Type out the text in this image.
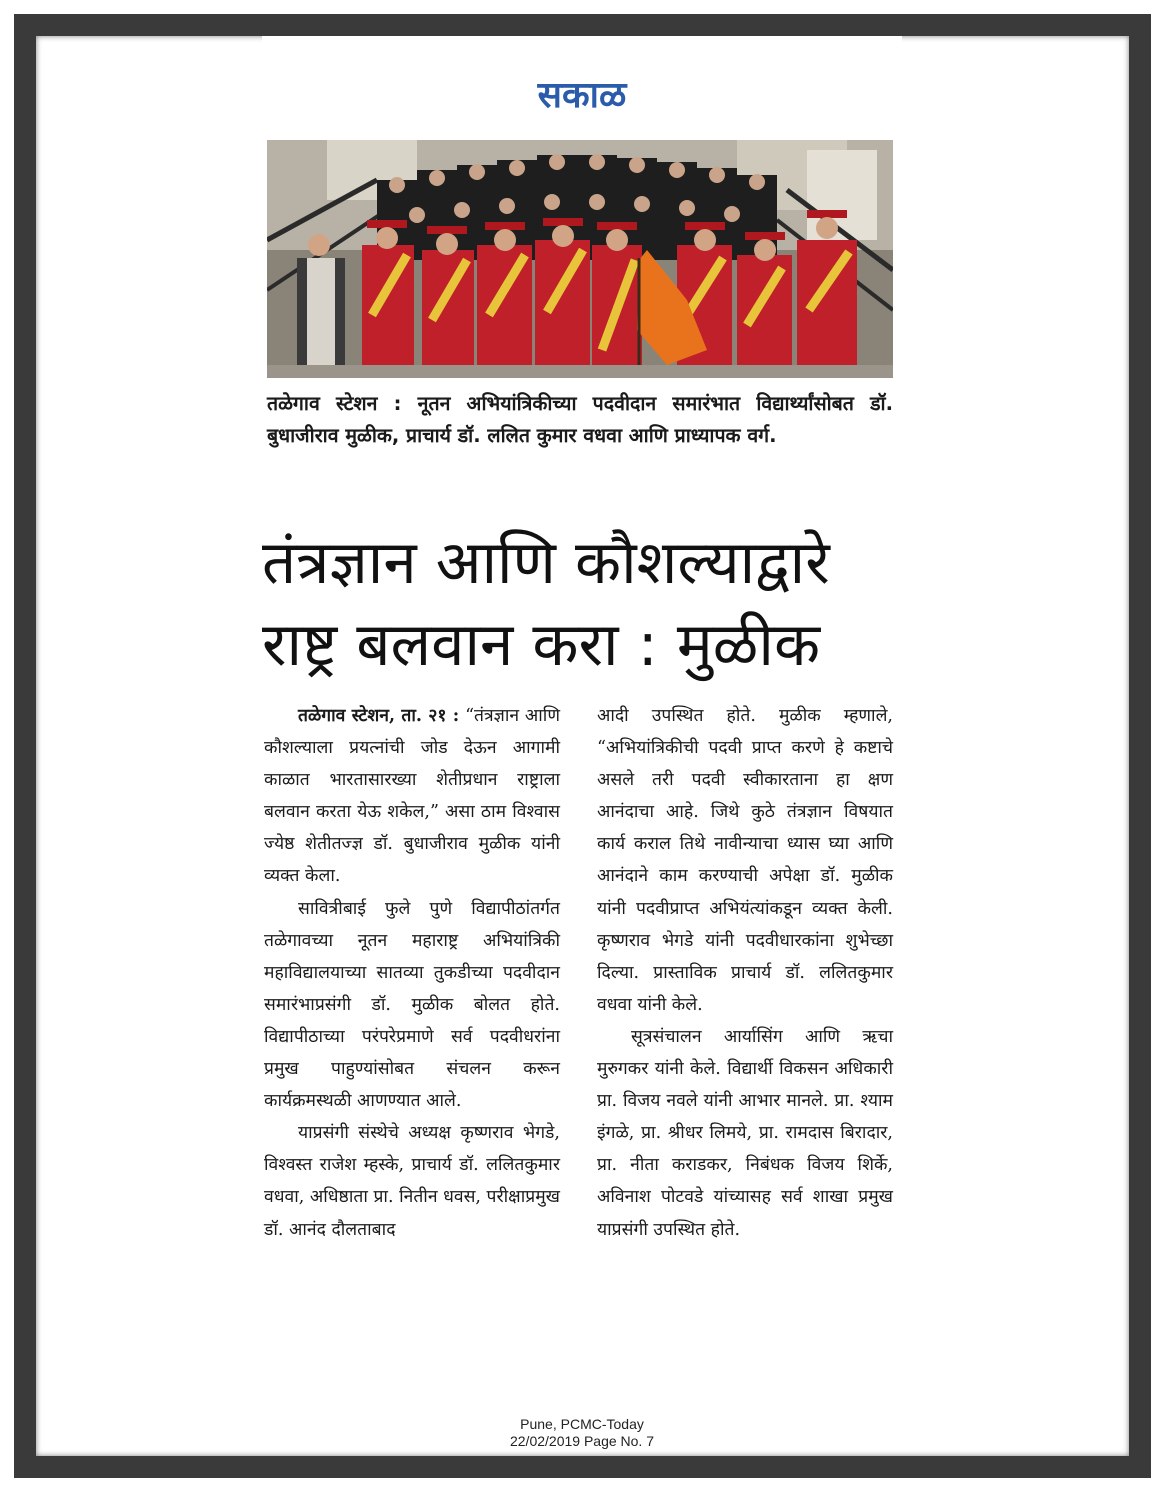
सकाळ
तळेगाव स्टेशन : नूतन अभियांत्रिकीच्या पदवीदान समारंभात विद्यार्थ्यांसोबत डॉ. बुधाजीराव मुळीक, प्राचार्य डॉ. ललित कुमार वधवा आणि प्राध्यापक वर्ग.
तंत्रज्ञान आणि कौशल्याद्वारे
राष्ट्र बलवान करा : मुळीक

तळेगाव स्टेशन, ता. २१ : “तंत्रज्ञान आणि कौशल्याला प्रयत्नांची जोड देऊन आगामी काळात भारतासारख्या शेतीप्रधान राष्ट्राला बलवान करता येऊ शकेल,” असा ठाम विश्वास ज्येष्ठ शेतीतज्ज्ञ डॉ. बुधाजीराव मुळीक यांनी व्यक्त केला.

सावित्रीबाई फुले पुणे विद्यापीठांतर्गत तळेगावच्या नूतन महाराष्ट्र अभियांत्रिकी महाविद्यालयाच्या सातव्या तुकडीच्या पदवीदान समारंभाप्रसंगी डॉ. मुळीक बोलत होते. विद्यापीठाच्या परंपरेप्रमाणे सर्व पदवीधरांना प्रमुख पाहुण्यांसोबत संचलन करून कार्यक्रमस्थळी आणण्यात आले.

याप्रसंगी संस्थेचे अध्यक्ष कृष्णराव भेगडे, विश्वस्त राजेश म्हस्के, प्राचार्य डॉ. ललितकुमार वधवा, अधिष्ठाता प्रा. नितीन धवस, परीक्षाप्रमुख डॉ. आनंद दौलताबाद

आदी उपस्थित होते. मुळीक म्हणाले, “अभियांत्रिकीची पदवी प्राप्त करणे हे कष्टाचे असले तरी पदवी स्वीकारताना हा क्षण आनंदाचा आहे. जिथे कुठे तंत्रज्ञान विषयात कार्य कराल तिथे नावीन्याचा ध्यास घ्या आणि आनंदाने काम करण्याची अपेक्षा डॉ. मुळीक यांनी पदवीप्राप्त अभियंत्यांकडून व्यक्त केली. कृष्णराव भेगडे यांनी पदवीधारकांना शुभेच्छा दिल्या. प्रास्ताविक प्राचार्य डॉ. ललितकुमार वधवा यांनी केले.

सूत्रसंचालन आर्यासिंग आणि ऋचा मुरुगकर यांनी केले. विद्यार्थी विकसन अधिकारी प्रा. विजय नवले यांनी आभार मानले. प्रा. श्याम इंगळे, प्रा. श्रीधर लिमये, प्रा. रामदास बिरादार, प्रा. नीता कराडकर, निबंधक विजय शिर्के, अविनाश पोटवडे यांच्यासह सर्व शाखा प्रमुख याप्रसंगी उपस्थित होते.

Pune, PCMC-Today
22/02/2019 Page No. 7
